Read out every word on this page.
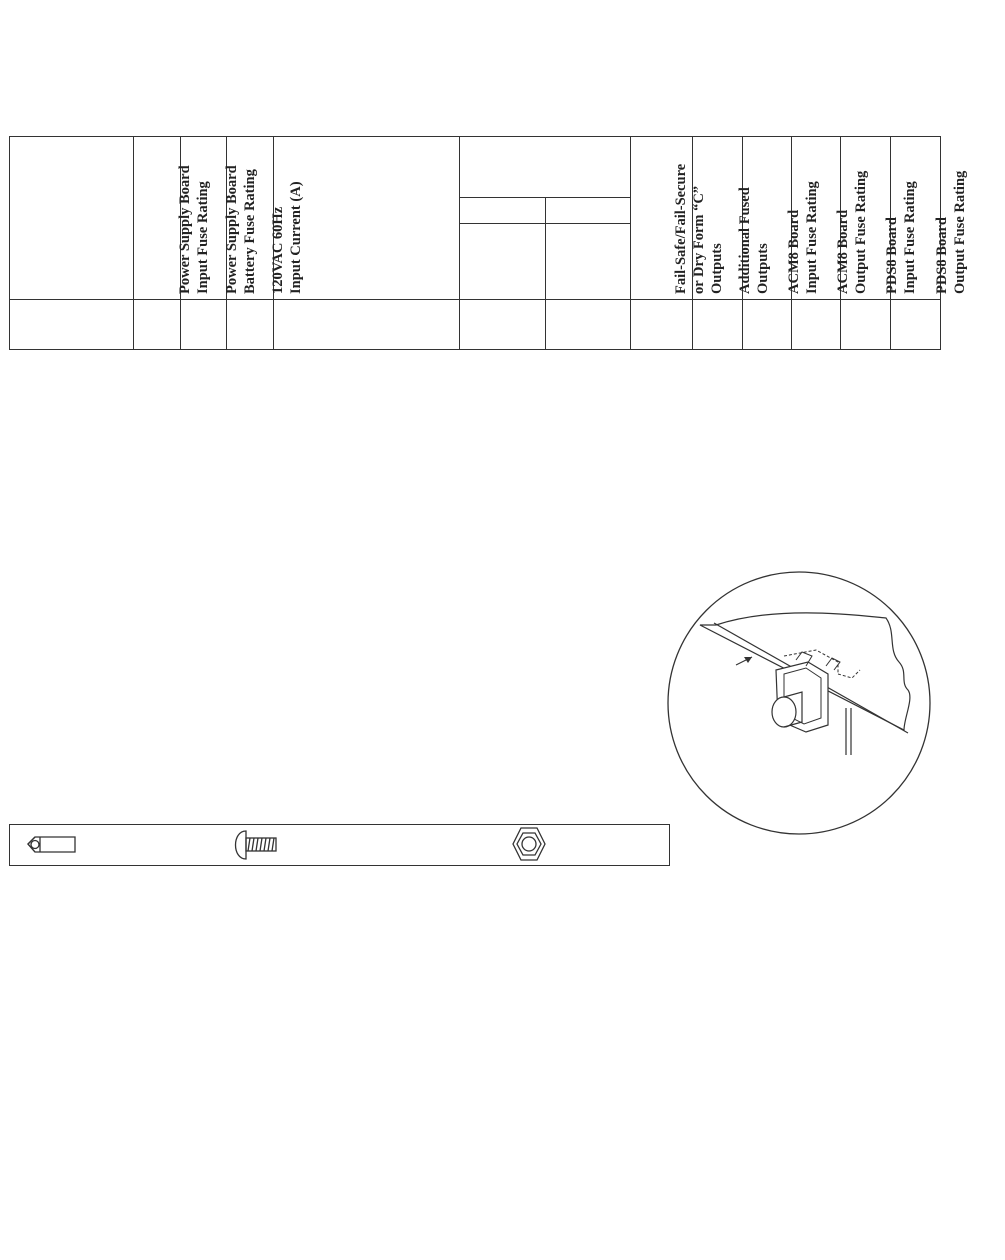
Power Supply Board Input Fuse Rating

Power Supply Board Battery Fuse Rating

120VAC 60Hz Input Current (A)

	Fail-Safe/Fail-Secure or Dry Form “C” Outputs

Additional Fused Outputs

ACM8 Board Input Fuse Rating

ACM8 Board Output Fuse Rating

PDS8 Board Input Fuse Rating

PDS8 Board Output Fuse Rating
